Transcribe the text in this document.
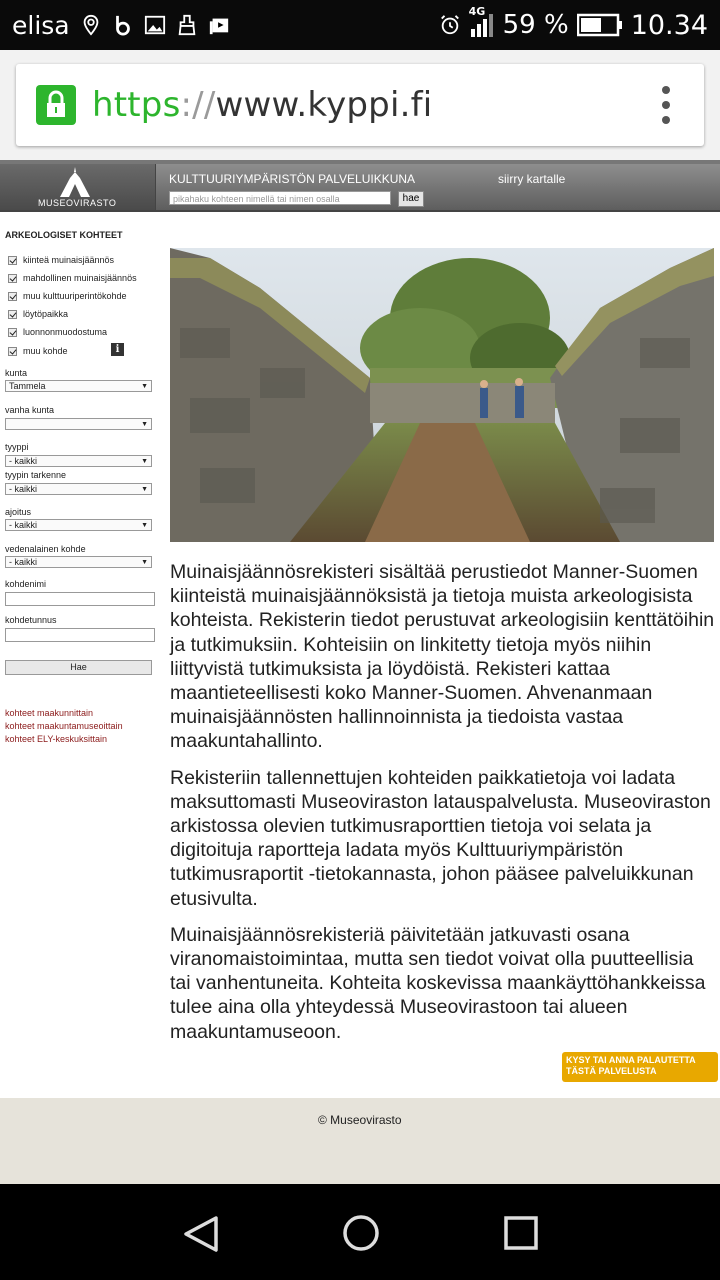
elisa	4G 59 % 10.34
https://www.kyppi.fi
MUSEOVIRASTO
KULTTUURIYMPÄRISTÖN PALVELUIKKUNA	siirry kartalle
pikahaku kohteen nimellä tai nimen osalla	hae
ARKEOLOGISET KOHTEET
kiinteä muinaisjäännös
mahdollinen muinaisjäännös
muu kulttuuriperintökohde
löytöpaikka
luonnonmuodostuma
muu kohde	i
kunta
Tammela ▼
vanha kunta
▼
tyyppi
- kaikki ▼
tyypin tarkenne
- kaikki ▼
ajoitus
- kaikki ▼
vedenalainen kohde
- kaikki ▼
kohdenimi
kohdetunnus
Hae
kohteet maakunnittain
kohteet maakuntamuseoittain
kohteet ELY-keskuksittain

Muinaisjäännösrekisteri sisältää perustiedot Manner-Suomen kiinteistä muinaisjäännöksistä ja tietoja muista arkeologisista kohteista. Rekisterin tiedot perustuvat arkeologisiin kenttätöihin ja tutkimuksiin. Kohteisiin on linkitetty tietoja myös niihin liittyvistä tutkimuksista ja löydöistä. Rekisteri kattaa maantieteellisesti koko Manner-Suomen. Ahvenanmaan muinaisjäännösten hallinnoinnista ja tiedoista vastaa maakuntahallinto.

Rekisteriin tallennettujen kohteiden paikkatietoja voi ladata maksuttomasti Museoviraston latauspalvelusta. Museoviraston arkistossa olevien tutkimusraporttien tietoja voi selata ja digitoituja raportteja ladata myös Kulttuuriympäristön tutkimusraportit -tietokannasta, johon pääsee palveluikkunan etusivulta.

Muinaisjäännösrekisteriä päivitetään jatkuvasti osana viranomaistoimintaa, mutta sen tiedot voivat olla puutteellisia tai vanhentuneita. Kohteita koskevissa maankäyttöhankkeissa tulee aina olla yhteydessä Museovirastoon tai alueen maakuntamuseoon.

KYSY TAI ANNA PALAUTETTA
TÄSTÄ PALVELUSTA
© Museovirasto
